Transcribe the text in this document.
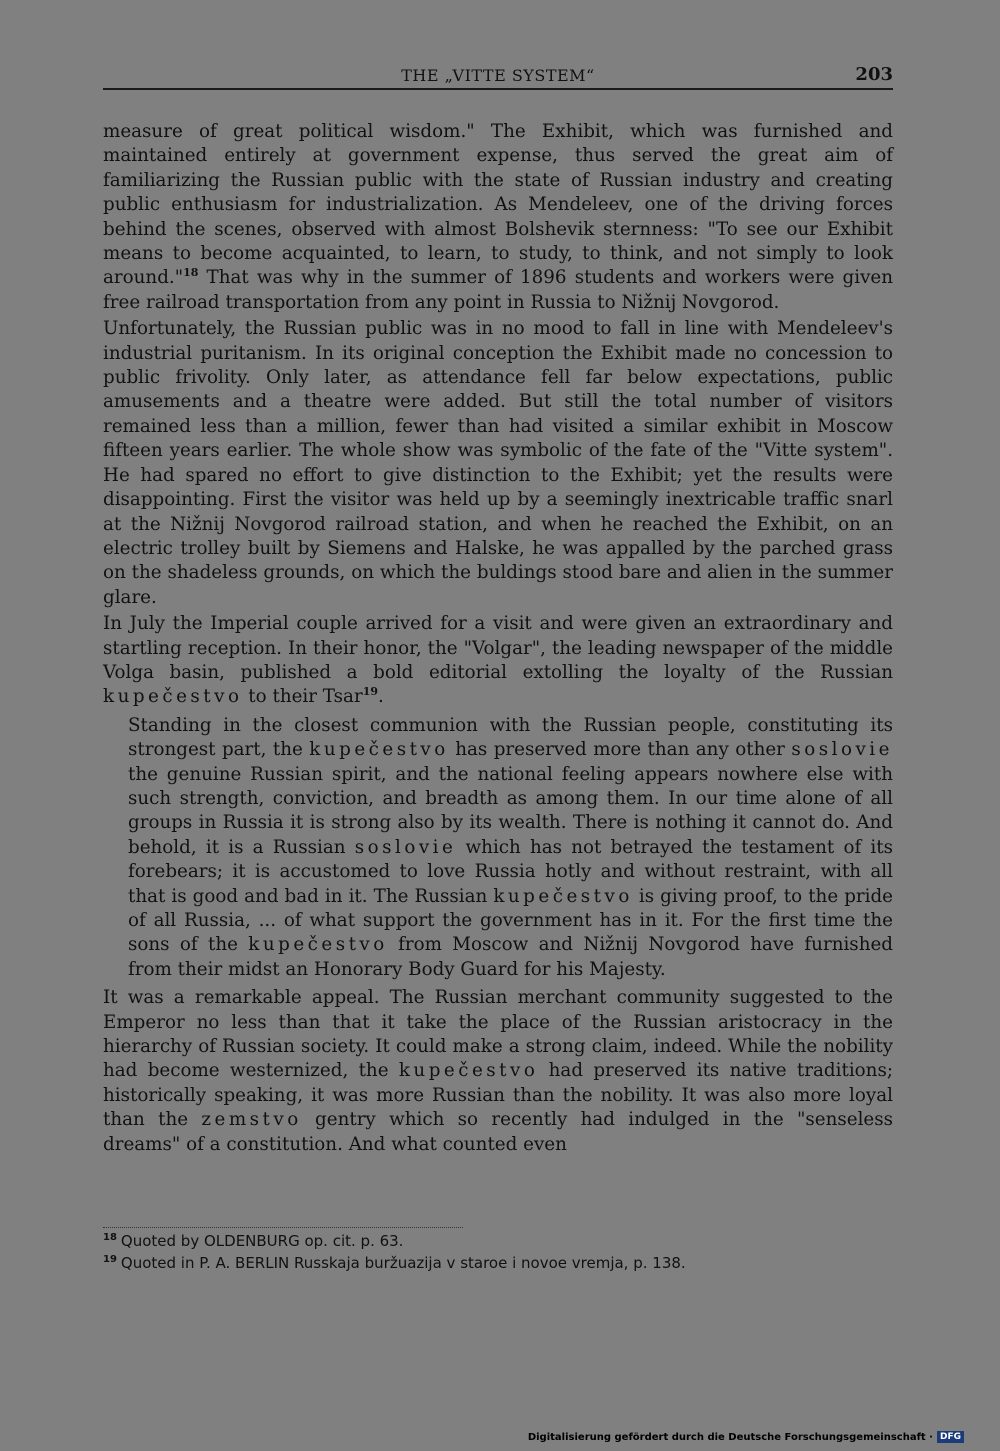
THE „VITTE SYSTEM“	203

measure of great political wisdom." The Exhibit, which was furnished and maintained entirely at government expense, thus served the great aim of familiarizing the Russian public with the state of Russian industry and creating public enthusiasm for industrialization. As Mendeleev, one of the driving forces behind the scenes, observed with almost Bolshevik sternness: "To see our Exhibit means to become acquainted, to learn, to study, to think, and not simply to look around."$^{18}$ That was why in the summer of 1896 students and workers were given free railroad transportation from any point in Russia to Nižnij Novgorod.

Unfortunately, the Russian public was in no mood to fall in line with Mendeleev's industrial puritanism. In its original conception the Exhibit made no concession to public frivolity. Only later, as attendance fell far below expectations, public amusements and a theatre were added. But still the total number of visitors remained less than a million, fewer than had visited a similar exhibit in Moscow fifteen years earlier. The whole show was symbolic of the fate of the "Vitte system". He had spared no effort to give distinction to the Exhibit; yet the results were disappointing. First the visitor was held up by a seemingly inextricable traffic snarl at the Nižnij Novgorod railroad station, and when he reached the Exhibit, on an electric trolley built by Siemens and Halske, he was appalled by the parched grass on the shadeless grounds, on which the buldings stood bare and alien in the summer glare.

In July the Imperial couple arrived for a visit and were given an extraordinary and startling reception. In their honor, the "Volgar", the leading newspaper of the middle Volga basin, published a bold editorial extolling the loyalty of the Russian kupečestvo to their Tsar$^{19}$.

Standing in the closest communion with the Russian people, constituting its strongest part, the kupečestvo has preserved more than any other soslovie the genuine Russian spirit, and the national feeling appears nowhere else with such strength, conviction, and breadth as among them. In our time alone of all groups in Russia it is strong also by its wealth. There is nothing it cannot do. And behold, it is a Russian soslovie which has not betrayed the testament of its forebears; it is accustomed to love Russia hotly and without restraint, with all that is good and bad in it. The Russian kupečestvo is giving proof, to the pride of all Russia, ... of what support the government has in it. For the first time the sons of the kupečestvo from Moscow and Nižnij Novgorod have furnished from their midst an Honorary Body Guard for his Majesty.

It was a remarkable appeal. The Russian merchant community suggested to the Emperor no less than that it take the place of the Russian aristocracy in the hierarchy of Russian society. It could make a strong claim, indeed. While the nobility had become westernized, the kupečestvo had preserved its native traditions; historically speaking, it was more Russian than the nobility. It was also more loyal than the zemstvo gentry which so recently had indulged in the "senseless dreams" of a constitution. And what counted even

$^{18}$ Quoted by OLDENBURG op. cit. p. 63.
$^{19}$ Quoted in P. A. BERLIN Russkaja buržuazija v staroe i novoe vremja, p. 138.
Digitalisierung gefördert durch die Deutsche Forschungsgemeinschaft · DFG
